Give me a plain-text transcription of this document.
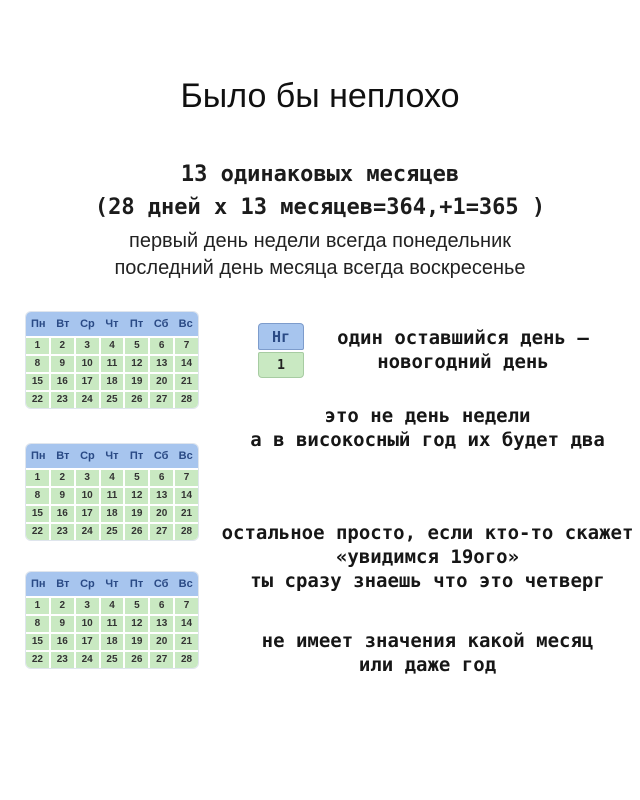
Было бы неплохо
13 одинаковых месяцев
(28 дней x 13 месяцев=364,+1=365 )
первый день недели всегда понедельник
последний день месяца всегда воскресенье
Пн Вт Ср Чт	Пт Сб Вс
1	2	3	4	5	6	7
8	9	10	11	12	13	14
15	16	17	18	19	20	21
22	23	24	25	26	27	28
Пн Вт Ср Чт	Пт Сб Вс
1	2	3	4	5	6	7
8	9	10	11	12	13	14
15	16	17	18	19	20	21
22	23	24	25	26	27	28
Пн Вт Ср Чт	Пт Сб Вс
1	2	3	4	5	6	7
8	9	10	11	12	13	14
15	16	17	18	19	20	21
22	23	24	25	26	27	28
Нг
1
один оставшийся день —
новогодний день
это не день недели
а в високосный год их будет два
остальное просто, если кто-то скажет
«увидимся 19ого»
ты сразу знаешь что это четверг
не имеет значения какой месяц
или даже год
